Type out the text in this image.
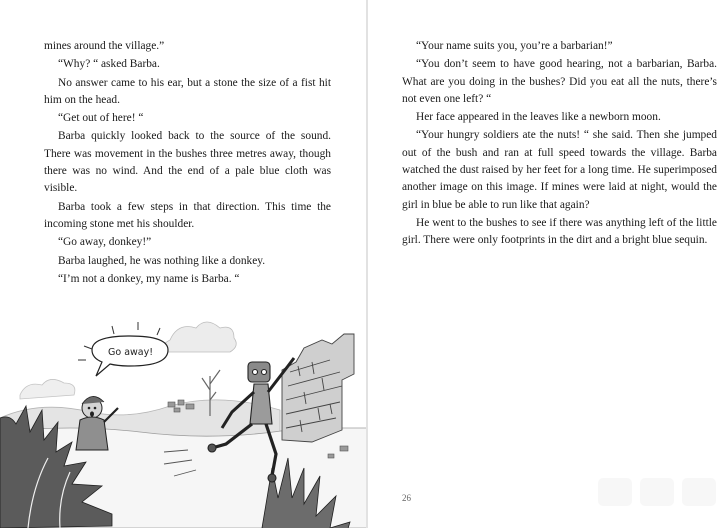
mines around the village.”

“Why? “ asked Barba.

No answer came to his ear, but a stone the size of a fist hit him on the head.

“Get out of here! “

Barba quickly looked back to the source of the sound. There was movement in the bushes three metres away, though there was no wind. And the end of a pale blue cloth was visible.

Barba took a few steps in that direction. This time the incoming stone met his shoulder.

“Go away, donkey!”

Barba laughed, he was nothing like a donkey.

“I’m not a donkey, my name is Barba. “

Go away!

“Your name suits you, you’re a barbarian!”

“You don’t seem to have good hearing, not a barbarian, Barba. What are you doing in the bushes? Did you eat all the nuts, there’s not even one left? “

Her face appeared in the leaves like a newborn moon.

“Your hungry soldiers ate the nuts! “ she said. Then she jumped out of the bush and ran at full speed towards the village. Barba watched the dust raised by her feet for a long time. He superimposed another image on this image. If mines were laid at night, would the girl in blue be able to run like that again?

He went to the bushes to see if there was anything left of the little girl. There were only footprints in the dirt and a bright blue sequin.

26
